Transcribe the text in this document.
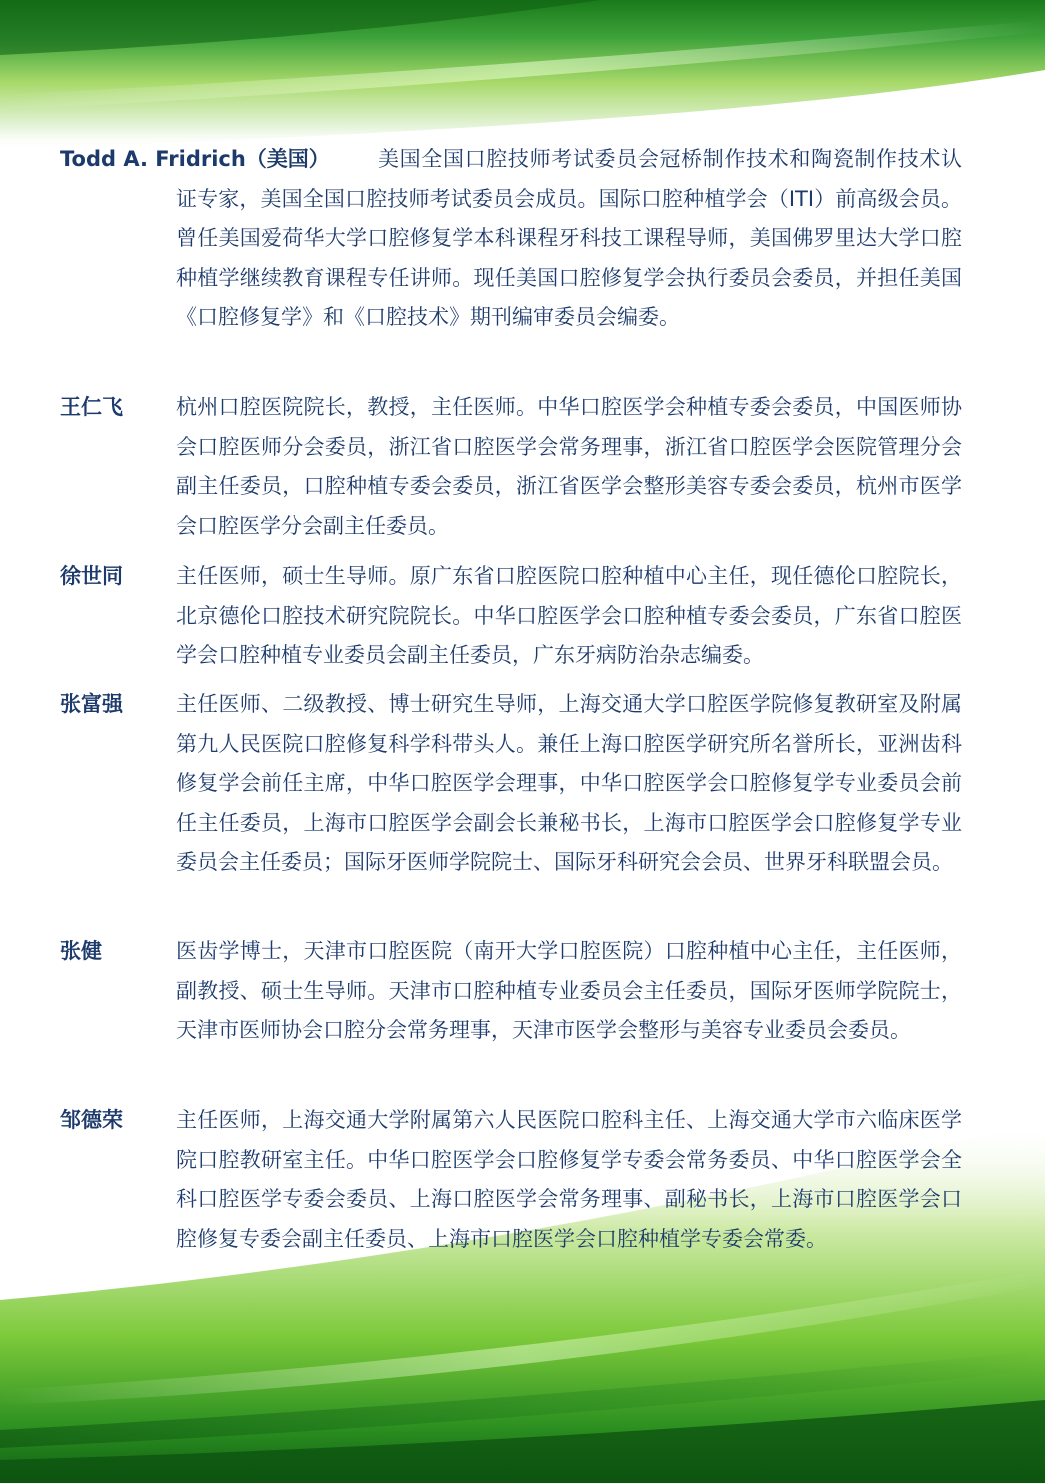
Todd A. Fridrich（美国）	美国全国口腔技师考试委员会冠桥制作技术和陶瓷制作技术认证专家，美国全国口腔技师考试委员会成员。国际口腔种植学会（ITI）前高级会员。曾任美国爱荷华大学口腔修复学本科课程牙科技工课程导师，美国佛罗里达大学口腔种植学继续教育课程专任讲师。现任美国口腔修复学会执行委员会委员，并担任美国《口腔修复学》和《口腔技术》期刊编审委员会编委。

王仁飞	杭州口腔医院院长，教授，主任医师。中华口腔医学会种植专委会委员，中国医师协会口腔医师分会委员，浙江省口腔医学会常务理事，浙江省口腔医学会医院管理分会副主任委员，口腔种植专委会委员，浙江省医学会整形美容专委会委员，杭州市医学会口腔医学分会副主任委员。

徐世同	主任医师，硕士生导师。原广东省口腔医院口腔种植中心主任，现任德伦口腔院长，北京德伦口腔技术研究院院长。中华口腔医学会口腔种植专委会委员，广东省口腔医学会口腔种植专业委员会副主任委员，广东牙病防治杂志编委。

张富强	主任医师、二级教授、博士研究生导师，上海交通大学口腔医学院修复教研室及附属第九人民医院口腔修复科学科带头人。兼任上海口腔医学研究所名誉所长，亚洲齿科修复学会前任主席，中华口腔医学会理事，中华口腔医学会口腔修复学专业委员会前任主任委员，上海市口腔医学会副会长兼秘书长，上海市口腔医学会口腔修复学专业委员会主任委员；国际牙医师学院院士、国际牙科研究会会员、世界牙科联盟会员。

张健	医齿学博士，天津市口腔医院（南开大学口腔医院）口腔种植中心主任，主任医师，副教授、硕士生导师。天津市口腔种植专业委员会主任委员，国际牙医师学院院士，天津市医师协会口腔分会常务理事，天津市医学会整形与美容专业委员会委员。

邹德荣	主任医师，上海交通大学附属第六人民医院口腔科主任、上海交通大学市六临床医学院口腔教研室主任。中华口腔医学会口腔修复学专委会常务委员、中华口腔医学会全科口腔医学专委会委员、上海口腔医学会常务理事、副秘书长，上海市口腔医学会口腔修复专委会副主任委员、上海市口腔医学会口腔种植学专委会常委。
